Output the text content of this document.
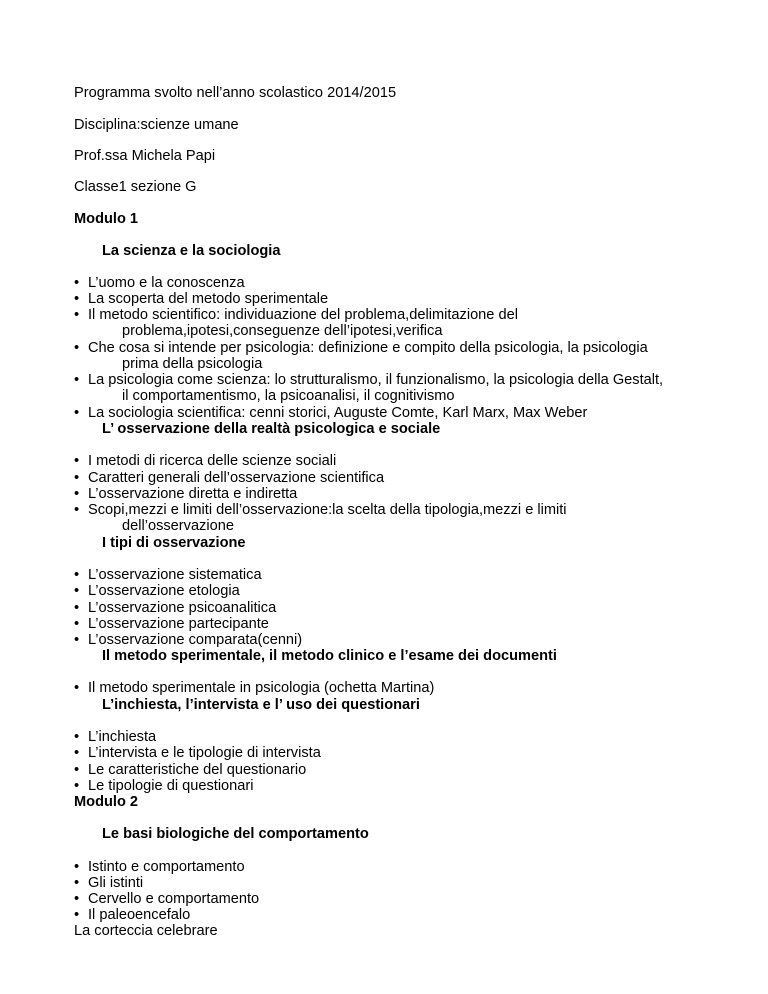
Programma svolto nell’anno scolastico 2014/2015
Disciplina:scienze umane
Prof.ssa Michela Papi
Classe1 sezione G
Modulo 1
La scienza e la sociologia
• L’uomo e la conoscenza
• La scoperta del metodo sperimentale
• Il metodo scientifico: individuazione del problema,delimitazione del
problema,ipotesi,conseguenze dell’ipotesi,verifica
• Che cosa si intende per psicologia: definizione e compito della psicologia, la psicologia
prima della psicologia
• La psicologia come scienza: lo strutturalismo, il funzionalismo, la psicologia della Gestalt,
il comportamentismo, la psicoanalisi, il cognitivismo
• La sociologia scientifica: cenni storici, Auguste Comte, Karl Marx, Max Weber
L’ osservazione della realtà psicologica e sociale
• I metodi di ricerca delle scienze sociali
• Caratteri generali dell’osservazione scientifica
• L’osservazione diretta e indiretta
• Scopi,mezzi e limiti dell’osservazione:la scelta della tipologia,mezzi e limiti
dell’osservazione
I tipi di osservazione
• L’osservazione sistematica
• L’osservazione etologia
• L’osservazione psicoanalitica
• L’osservazione partecipante
• L’osservazione comparata(cenni)
Il metodo sperimentale, il metodo clinico e l’esame dei documenti
• Il metodo sperimentale in psicologia (ochetta Martina)
L’inchiesta, l’intervista e l’ uso dei questionari
• L’inchiesta
• L’intervista e le tipologie di intervista
• Le caratteristiche del questionario
• Le tipologie di questionari
Modulo 2
Le basi biologiche del comportamento
• Istinto e comportamento
• Gli istinti
• Cervello e comportamento
• Il paleoencefalo
La corteccia celebrare
